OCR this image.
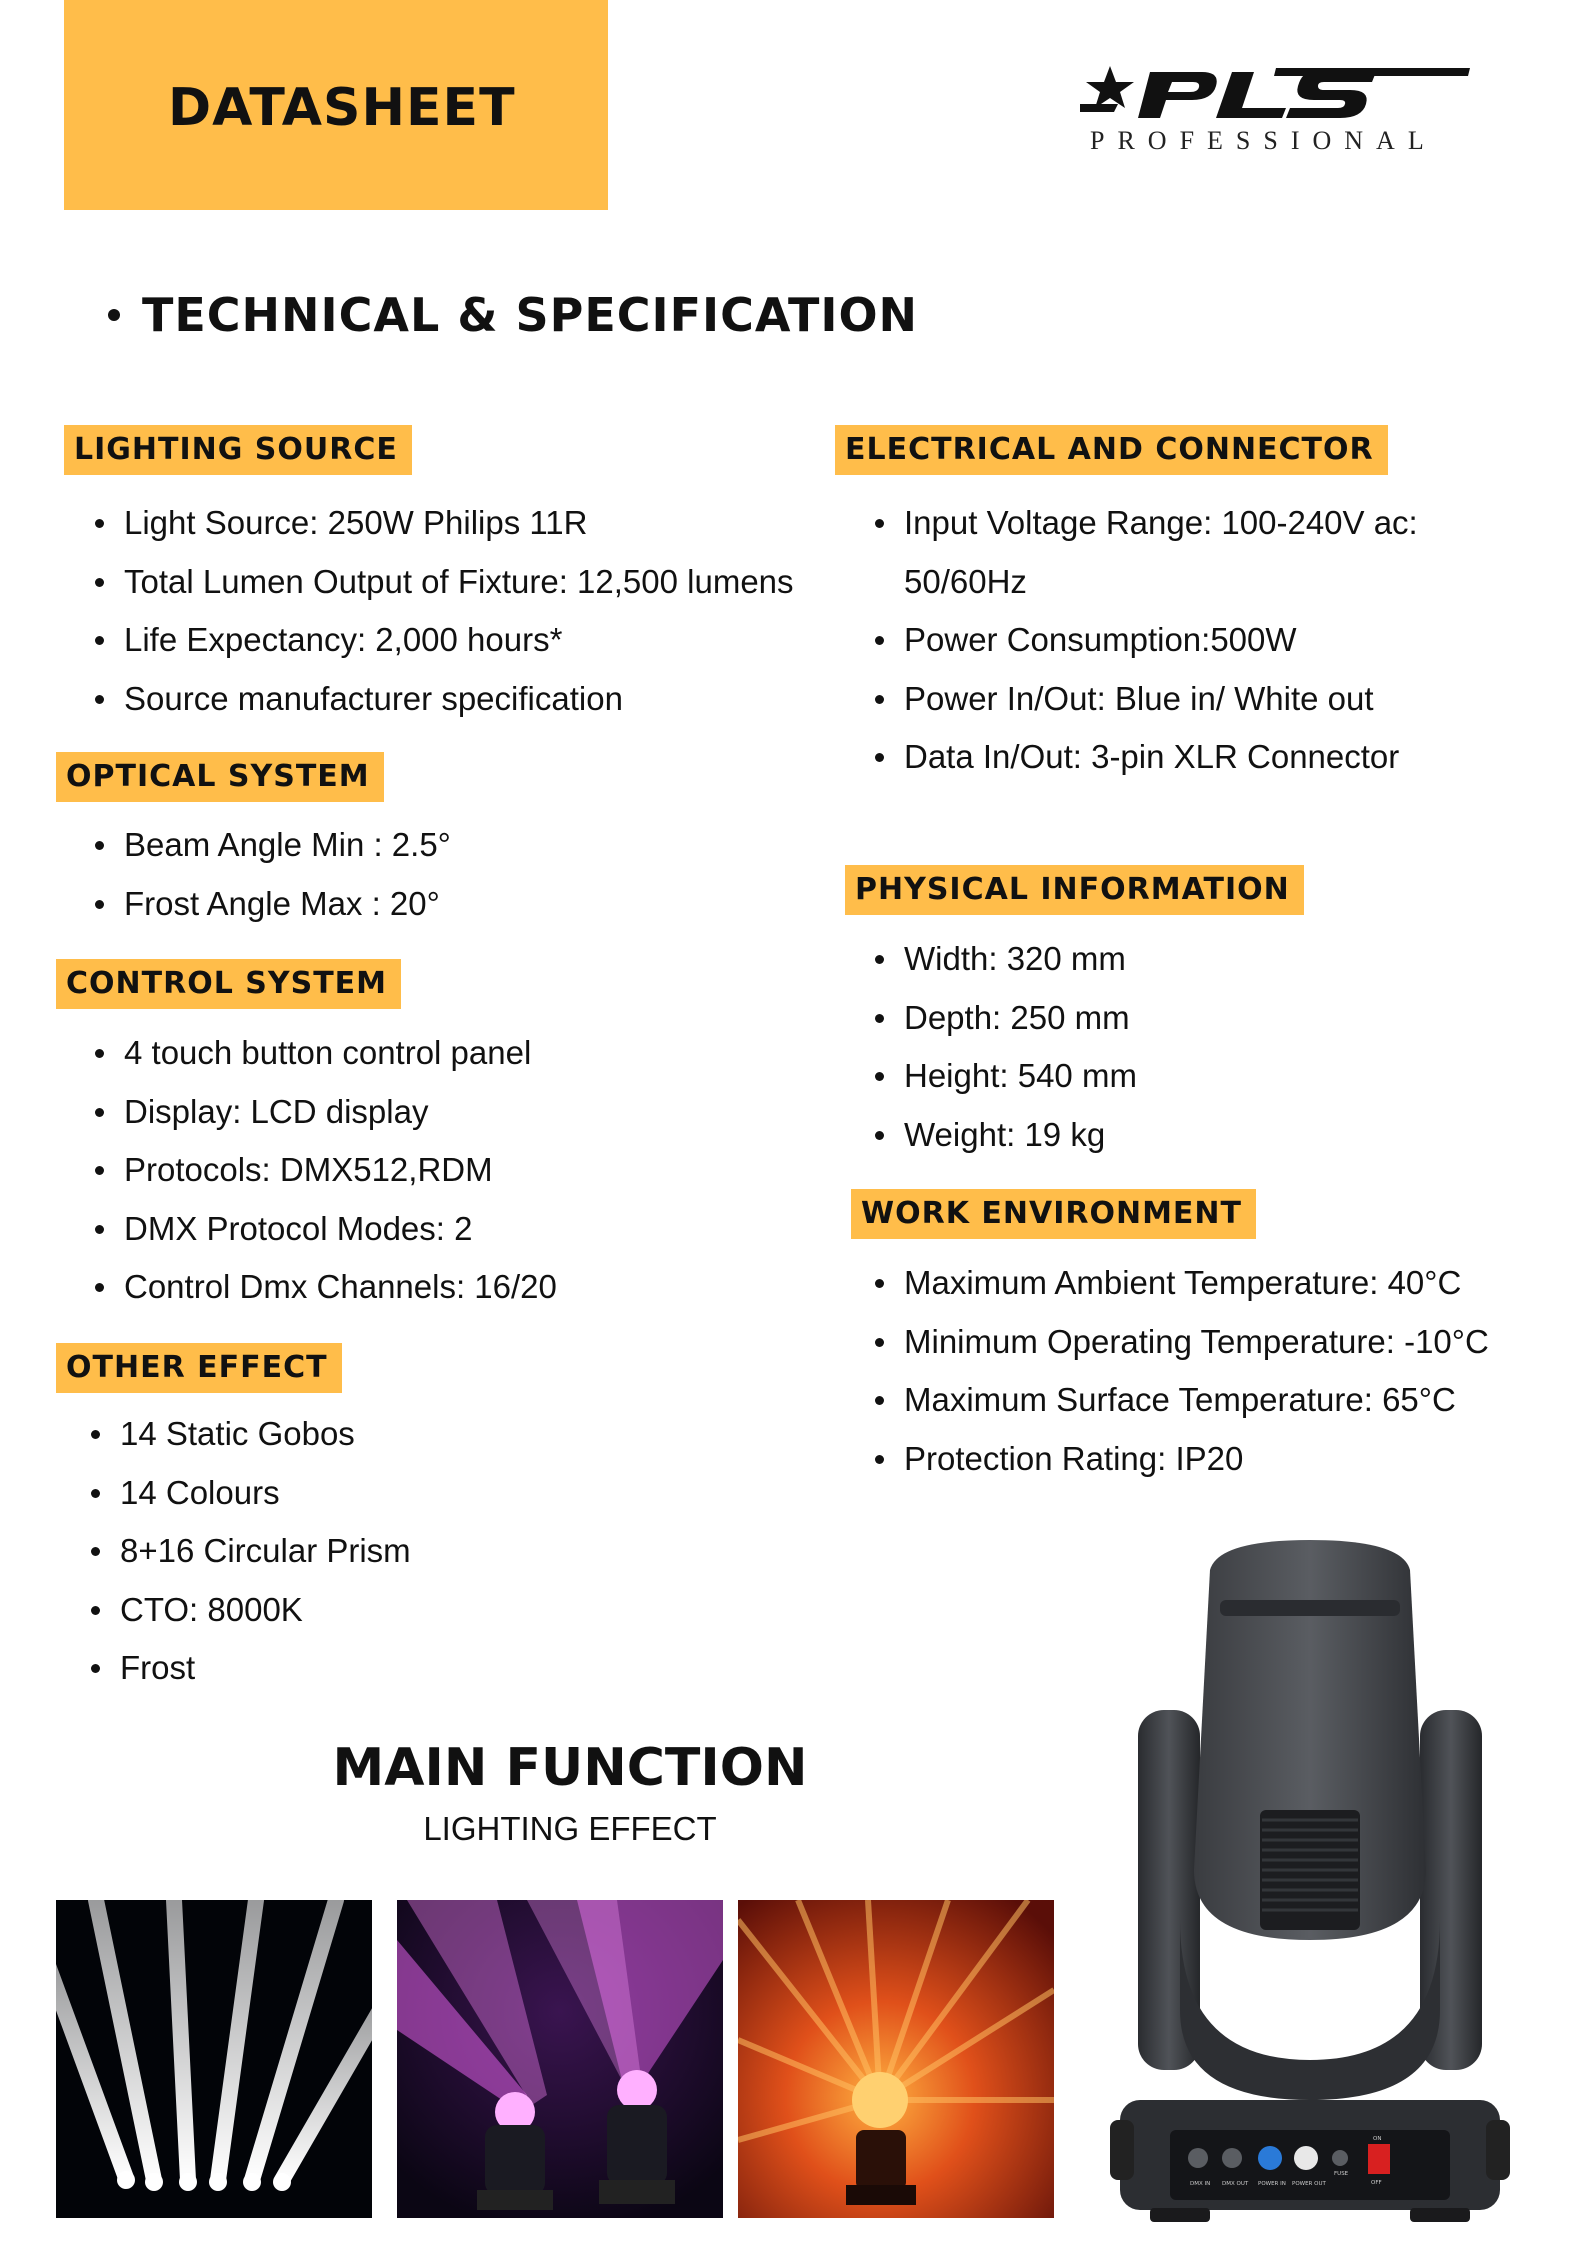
DATASHEET
PROFESSIONAL
TECHNICAL & SPECIFICATION
LIGHTING SOURCE
Light Source: 250W Philips 11R
Total Lumen Output of Fixture: 12,500 lumens
Life Expectancy: 2,000 hours*
Source manufacturer specification
OPTICAL SYSTEM
Beam Angle Min : 2.5°
Frost Angle Max : 20°
CONTROL SYSTEM
4 touch button control panel
Display: LCD display
Protocols: DMX512,RDM
DMX Protocol Modes: 2
Control Dmx Channels: 16/20
OTHER EFFECT
14 Static Gobos
14 Colours
8+16 Circular Prism
CTO: 8000K
Frost
ELECTRICAL AND CONNECTOR
Input Voltage Range: 100-240V ac:
50/60Hz
Power Consumption:500W
Power In/Out: Blue in/ White out
Data In/Out: 3-pin XLR Connector
PHYSICAL INFORMATION
Width: 320 mm
Depth: 250 mm
Height: 540 mm
Weight: 19 kg
WORK ENVIRONMENT
Maximum Ambient Temperature: 40°C
Minimum Operating Temperature: -10°C
Maximum Surface Temperature: 65°C
Protection Rating: IP20
MAIN FUNCTION
LIGHTING EFFECT
DMX IN DMX OUT POWER IN POWER OUT
FUSE
ON
OFF
